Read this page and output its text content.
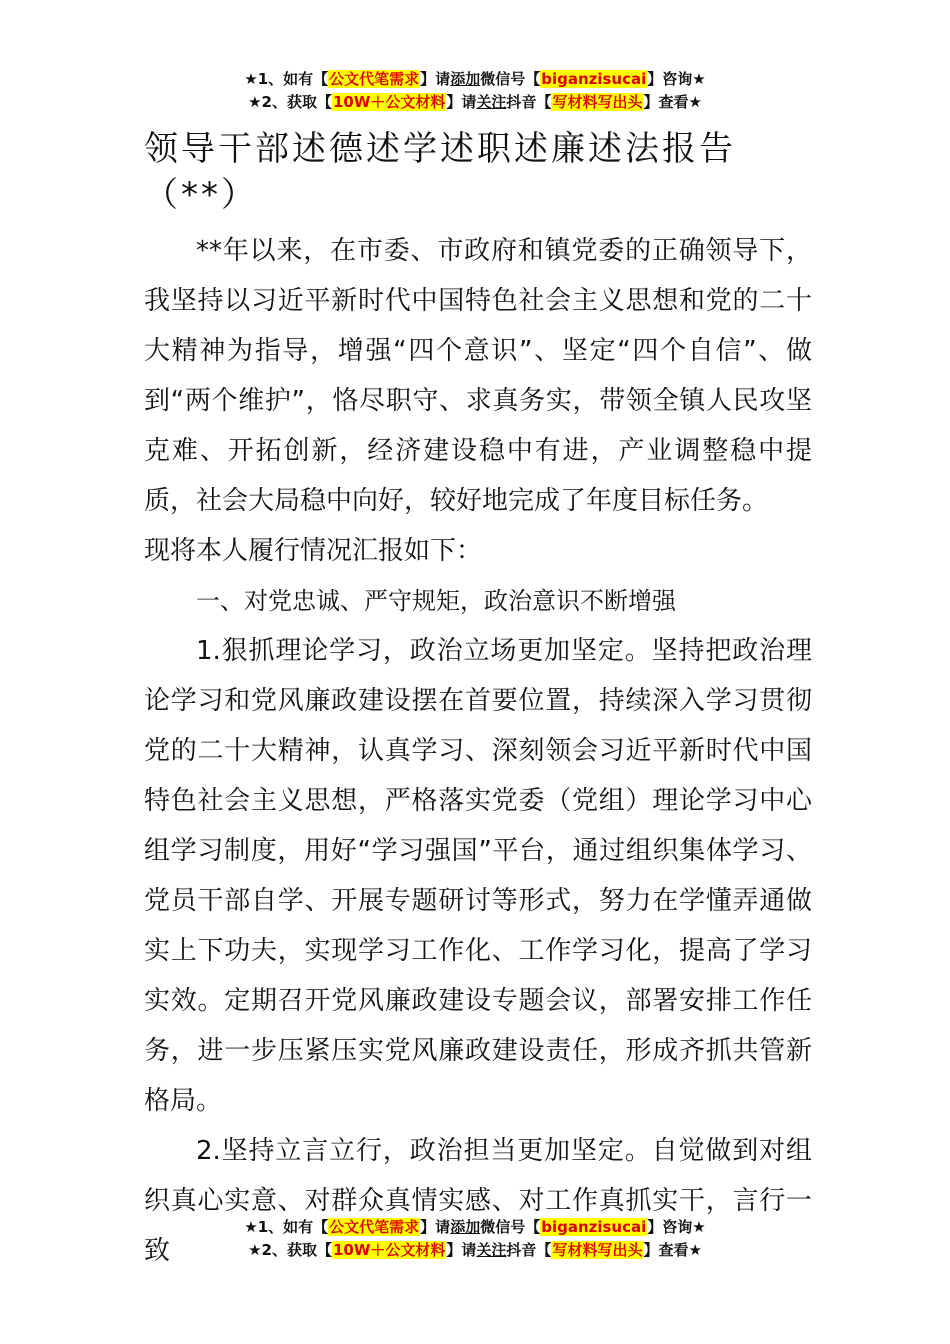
★1、如有【公文代笔需求】请添加微信号【biganzisucai】咨询★
★2、获取【10W＋公文材料】请关注抖音【写材料写出头】查看★
领导干部述德述学述职述廉述法报告（**）

**年以来，在市委、市政府和镇党委的正确领导下，我坚持以习近平新时代中国特色社会主义思想和党的二十大精神为指导，增强“四个意识”、坚定“四个自信”、做到“两个维护”，恪尽职守、求真务实，带领全镇人民攻坚克难、开拓创新，经济建设稳中有进，产业调整稳中提质，社会大局稳中向好，较好地完成了年度目标任务。

现将本人履行情况汇报如下：

一、对党忠诚、严守规矩，政治意识不断增强

1.狠抓理论学习，政治立场更加坚定。坚持把政治理论学习和党风廉政建设摆在首要位置，持续深入学习贯彻党的二十大精神，认真学习、深刻领会习近平新时代中国特色社会主义思想，严格落实党委（党组）理论学习中心组学习制度，用好“学习强国”平台，通过组织集体学习、党员干部自学、开展专题研讨等形式，努力在学懂弄通做实上下功夫，实现学习工作化、工作学习化，提高了学习实效。定期召开党风廉政建设专题会议，部署安排工作任务，进一步压紧压实党风廉政建设责任，形成齐抓共管新格局。

2.坚持立言立行，政治担当更加坚定。自觉做到对组织真心实意、对群众真情实感、对工作真抓实干，言行一致

★1、如有【公文代笔需求】请添加微信号【biganzisucai】咨询★
★2、获取【10W＋公文材料】请关注抖音【写材料写出头】查看★
